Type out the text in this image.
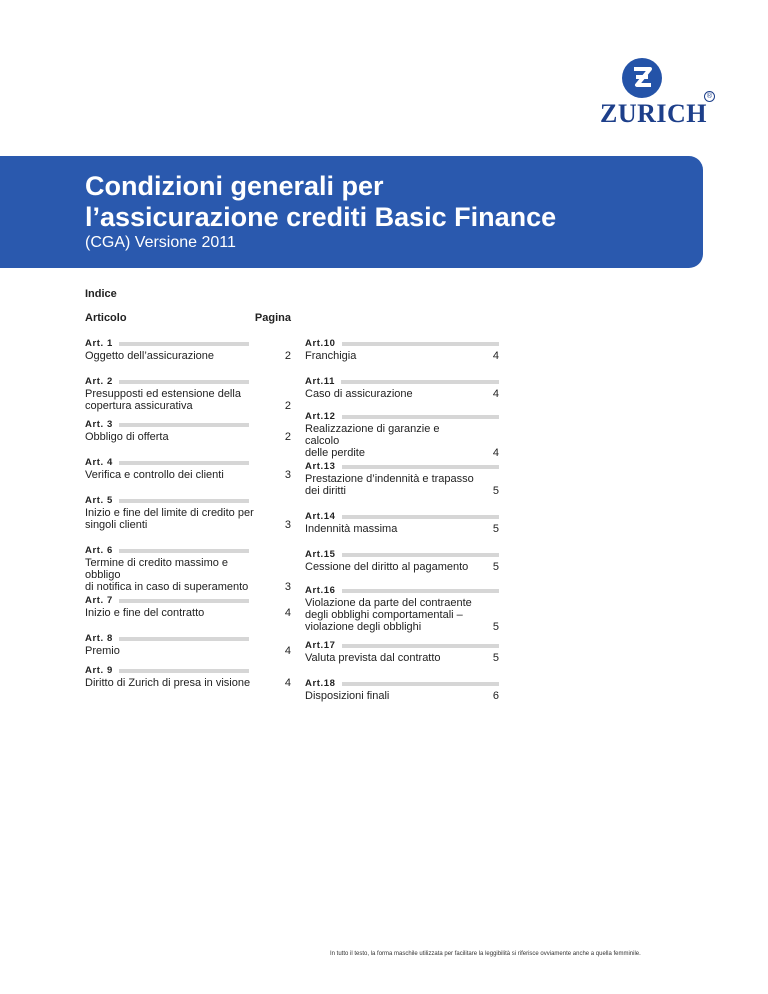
ZURICH
®
Condizioni generali per
l’assicurazione crediti Basic Finance
(CGA) Versione 2011
Indice
Articolo	Pagina
Art. 1
Oggetto dell’assicurazione	2
Art. 2
Presupposti ed estensione della
copertura assicurativa	2
Art. 3
Obbligo di offerta	2
Art. 4
Verifica e controllo dei clienti	3
Art. 5
Inizio e fine del limite di credito per
singoli clienti	3
Art. 6
Termine di credito massimo e obbligo
di notifica in caso di superamento	3
Art. 7
Inizio e fine del contratto	4
Art. 8
Premio	4
Art. 9
Diritto di Zurich di presa in visione	4
Art.10
Franchigia	4
Art.11
Caso di assicurazione	4
Art.12
Realizzazione di garanzie e calcolo
delle perdite	4
Art.13
Prestazione d’indennità e trapasso
dei diritti	5
Art.14
Indennità massima	5
Art.15
Cessione del diritto al pagamento	5
Art.16
Violazione da parte del contraente
degli obblighi comportamentali –
violazione degli obblighi	5
Art.17
Valuta prevista dal contratto	5
Art.18
Disposizioni finali	6
In tutto il testo, la forma maschile utilizzata per facilitare la leggibilità si riferisce ovviamente anche a quella femminile.
